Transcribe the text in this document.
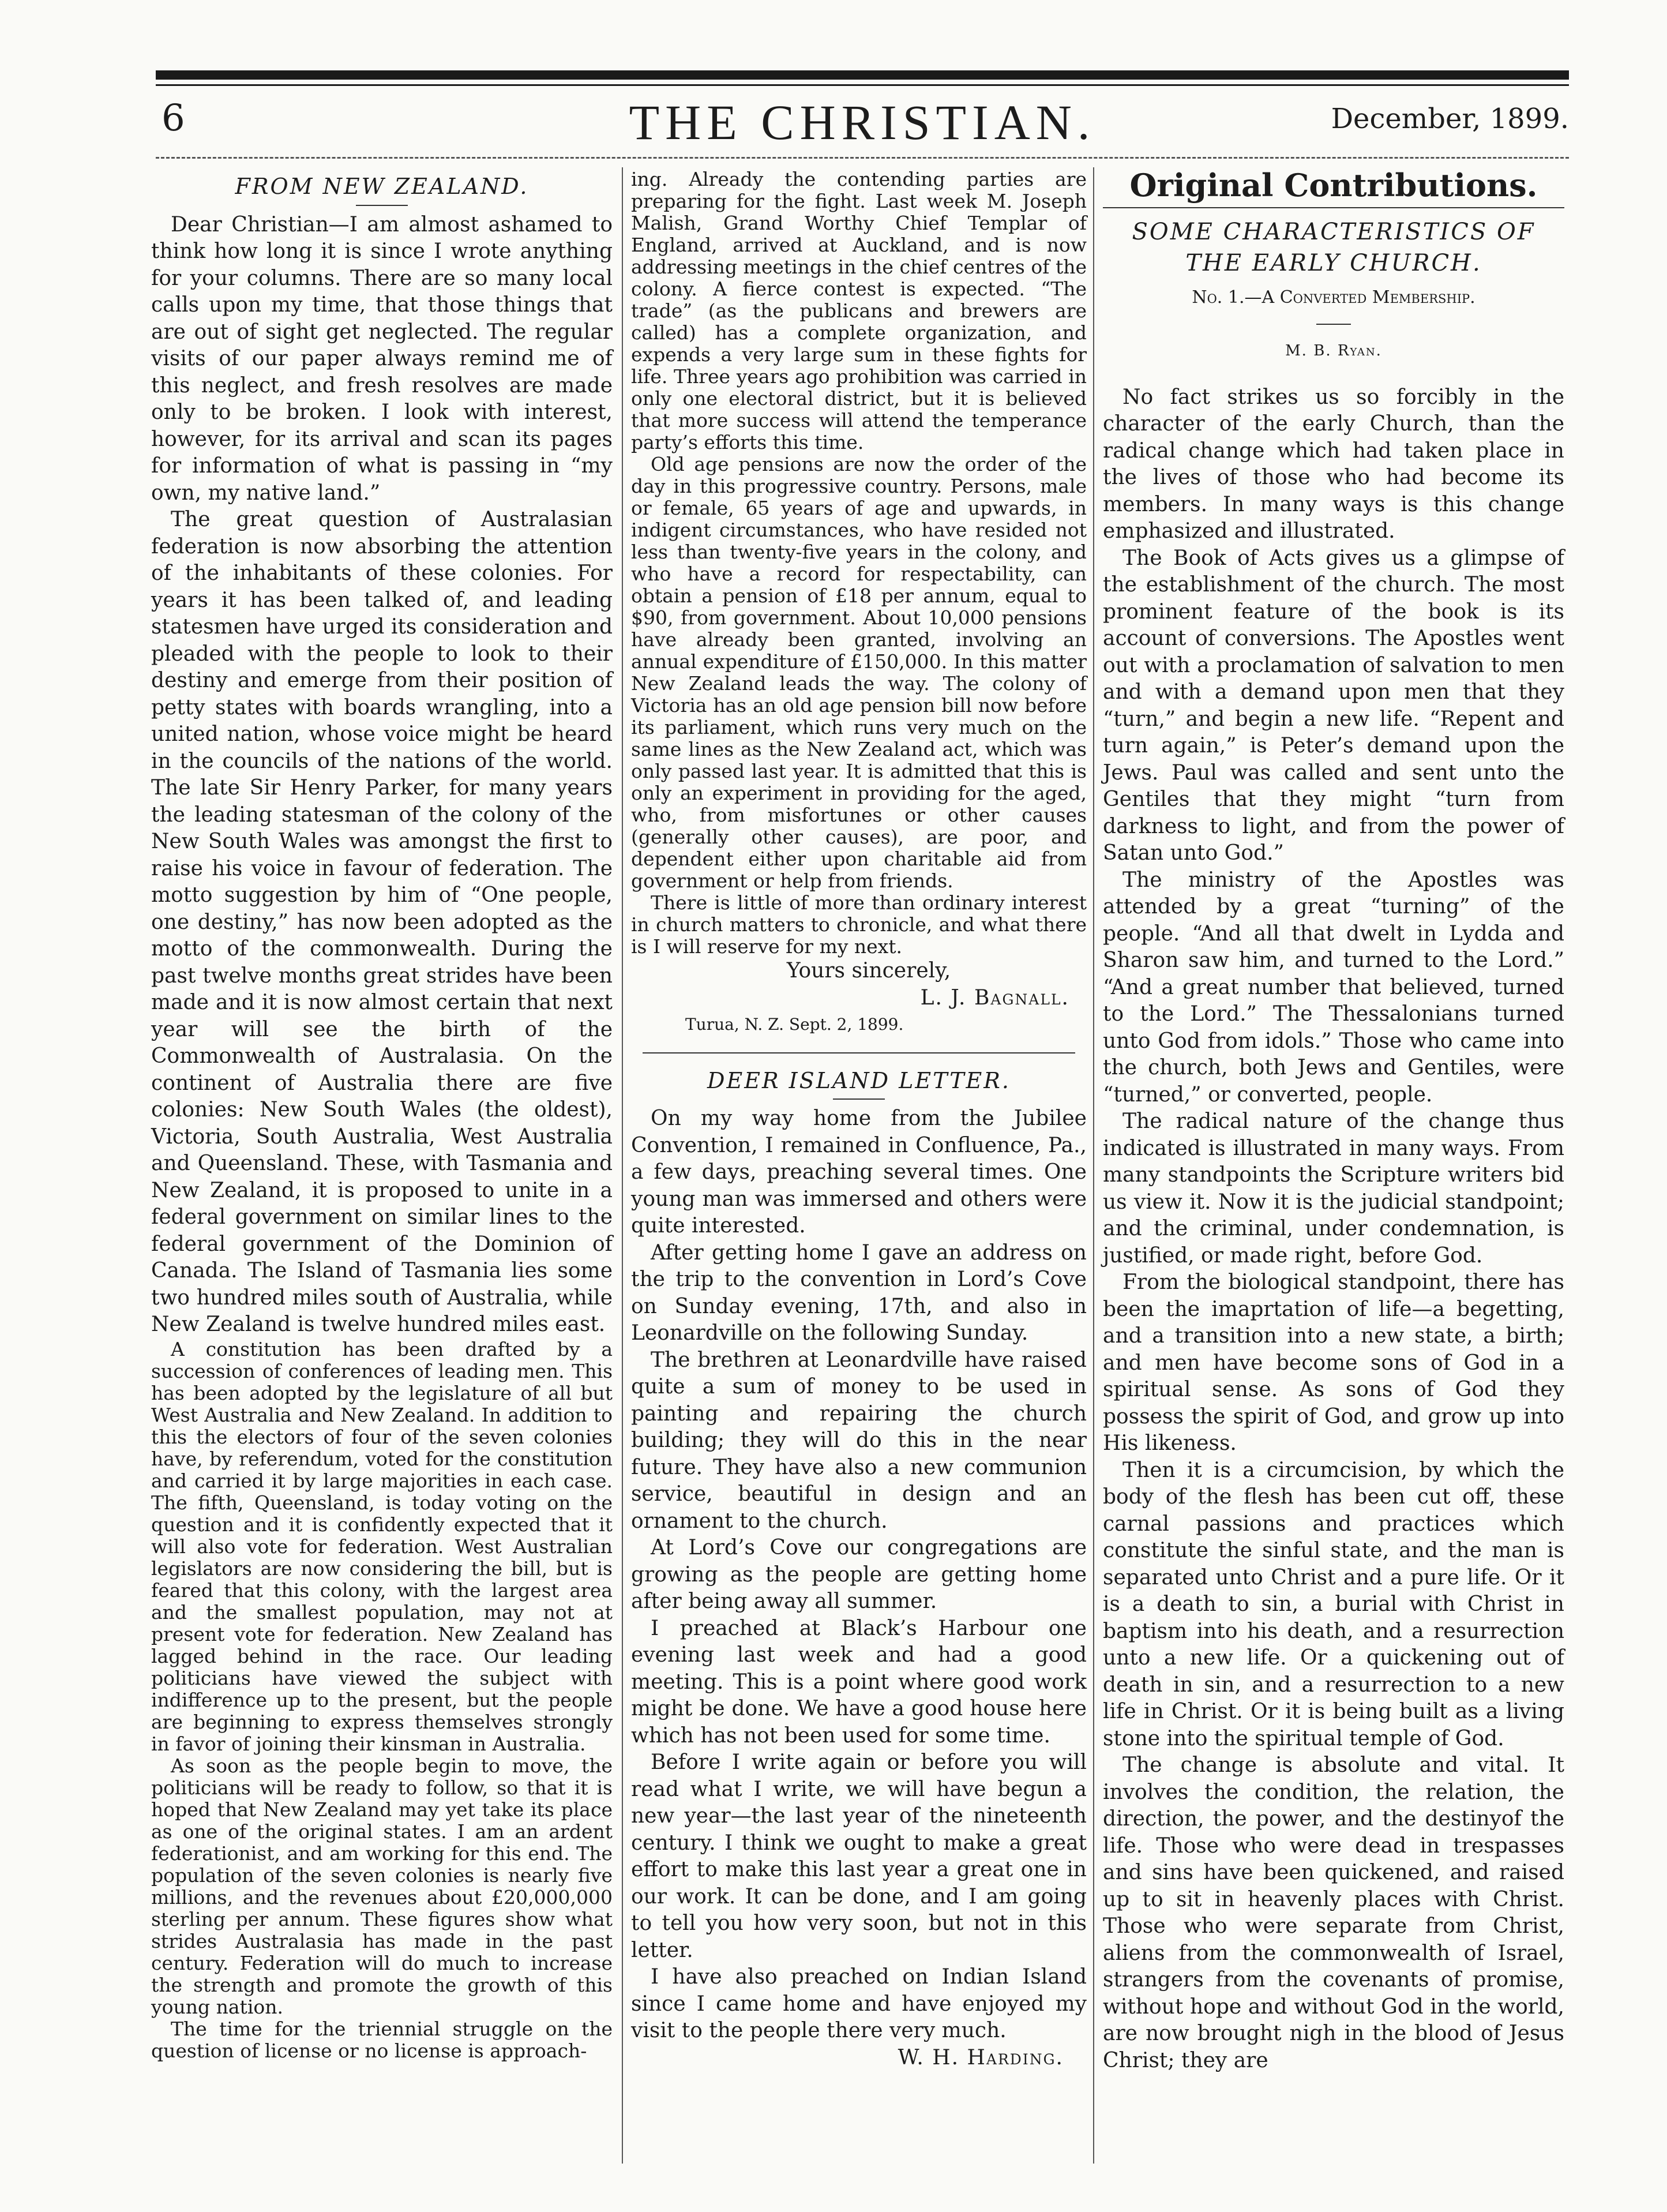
6	THE CHRISTIAN.	December, 1899.
FROM NEW ZEALAND.

Dear Christian—I am almost ashamed to think how long it is since I wrote anything for your columns. There are so many local calls upon my time, that those things that are out of sight get neglected. The regular visits of our paper always remind me of this neglect, and fresh resolves are made only to be broken. I look with interest, however, for its arrival and scan its pages for information of what is passing in “my own, my native land.”

The great question of Australasian federation is now absorbing the attention of the inhabitants of these colonies. For years it has been talked of, and leading statesmen have urged its consideration and pleaded with the people to look to their destiny and emerge from their position of petty states with boards wrangling, into a united nation, whose voice might be heard in the councils of the nations of the world. The late Sir Henry Parker, for many years the leading statesman of the colony of the New South Wales was amongst the first to raise his voice in favour of federation. The motto suggestion by him of “One people, one destiny,” has now been adopted as the motto of the commonwealth. During the past twelve months great strides have been made and it is now almost certain that next year will see the birth of the Commonwealth of Australasia. On the continent of Australia there are five colonies: New South Wales (the oldest), Victoria, South Australia, West Australia and Queensland. These, with Tasmania and New Zealand, it is proposed to unite in a federal government on similar lines to the federal government of the Dominion of Canada. The Island of Tasmania lies some two hundred miles south of Australia, while New Zealand is twelve hundred miles east.

A constitution has been drafted by a succession of conferences of leading men. This has been adopted by the legislature of all but West Australia and New Zealand. In addition to this the electors of four of the seven colonies have, by referendum, voted for the constitution and carried it by large majorities in each case. The fifth, Queensland, is today voting on the question and it is confidently expected that it will also vote for federation. West Australian legislators are now considering the bill, but is feared that this colony, with the largest area and the smallest population, may not at present vote for federation. New Zealand has lagged behind in the race. Our leading politicians have viewed the subject with indifference up to the present, but the people are beginning to express themselves strongly in favor of joining their kinsman in Australia.

As soon as the people begin to move, the politicians will be ready to follow, so that it is hoped that New Zealand may yet take its place as one of the original states. I am an ardent federationist, and am working for this end. The population of the seven colonies is nearly five millions, and the revenues about £20,000,000 sterling per annum. These figures show what strides Australasia has made in the past century. Federation will do much to increase the strength and promote the growth of this young nation.

The time for the triennial struggle on the question of license or no license is approach-

ing. Already the contending parties are preparing for the fight. Last week M. Joseph Malish, Grand Worthy Chief Templar of England, arrived at Auckland, and is now addressing meetings in the chief centres of the colony. A fierce contest is expected. “The trade” (as the publicans and brewers are called) has a complete organization, and expends a very large sum in these fights for life. Three years ago prohibition was carried in only one electoral district, but it is believed that more success will attend the temperance party’s efforts this time.

Old age pensions are now the order of the day in this progressive country. Persons, male or female, 65 years of age and upwards, in indigent circumstances, who have resided not less than twenty-five years in the colony, and who have a record for respectability, can obtain a pension of £18 per annum, equal to $90, from government. About 10,000 pensions have already been granted, involving an annual expenditure of £150,000. In this matter New Zealand leads the way. The colony of Victoria has an old age pension bill now before its parliament, which runs very much on the same lines as the New Zealand act, which was only passed last year. It is admitted that this is only an experiment in providing for the aged, who, from misfortunes or other causes (generally other causes), are poor, and dependent either upon charitable aid from government or help from friends.

There is little of more than ordinary interest in church matters to chronicle, and what there is I will reserve for my next.

Yours sincerely,

L. J. Bagnall.

Turua, N. Z. Sept. 2, 1899.

DEER ISLAND LETTER.

On my way home from the Jubilee Convention, I remained in Confluence, Pa., a few days, preaching several times. One young man was immersed and others were quite interested.

After getting home I gave an address on the trip to the convention in Lord’s Cove on Sunday evening, 17th, and also in Leonardville on the following Sunday.

The brethren at Leonardville have raised quite a sum of money to be used in painting and repairing the church building; they will do this in the near future. They have also a new communion service, beautiful in design and an ornament to the church.

At Lord’s Cove our congregations are growing as the people are getting home after being away all summer.

I preached at Black’s Harbour one evening last week and had a good meeting. This is a point where good work might be done. We have a good house here which has not been used for some time.

Before I write again or before you will read what I write, we will have begun a new year—the last year of the nineteenth century. I think we ought to make a great effort to make this last year a great one in our work. It can be done, and I am going to tell you how very soon, but not in this letter.

I have also preached on Indian Island since I came home and have enjoyed my visit to the people there very much.

W. H. Harding.

Original Contributions.
SOME CHARACTERISTICS OF THE EARLY CHURCH.
No. 1.—A Converted Membership.
M. B. Ryan.

No fact strikes us so forcibly in the character of the early Church, than the radical change which had taken place in the lives of those who had become its members. In many ways is this change emphasized and illustrated.

The Book of Acts gives us a glimpse of the establishment of the church. The most prominent feature of the book is its account of conversions. The Apostles went out with a proclamation of salvation to men and with a demand upon men that they “turn,” and begin a new life. “Repent and turn again,” is Peter’s demand upon the Jews. Paul was called and sent unto the Gentiles that they might “turn from darkness to light, and from the power of Satan unto God.”

The ministry of the Apostles was attended by a great “turning” of the people. “And all that dwelt in Lydda and Sharon saw him, and turned to the Lord.” “And a great number that believed, turned to the Lord.” The Thessalonians turned unto God from idols.” Those who came into the church, both Jews and Gentiles, were “turned,” or converted, people.

The radical nature of the change thus indicated is illustrated in many ways. From many standpoints the Scripture writers bid us view it. Now it is the judicial standpoint; and the criminal, under condemnation, is justified, or made right, before God.

From the biological standpoint, there has been the imaprtation of life—a begetting, and a transition into a new state, a birth; and men have become sons of God in a spiritual sense. As sons of God they possess the spirit of God, and grow up into His likeness.

Then it is a circumcision, by which the body of the flesh has been cut off, these carnal passions and practices which constitute the sinful state, and the man is separated unto Christ and a pure life. Or it is a death to sin, a burial with Christ in baptism into his death, and a resurrection unto a new life. Or a quickening out of death in sin, and a resurrection to a new life in Christ. Or it is being built as a living stone into the spiritual temple of God.

The change is absolute and vital. It involves the condition, the relation, the direction, the power, and the destinyof the life. Those who were dead in trespasses and sins have been quickened, and raised up to sit in heavenly places with Christ. Those who were separate from Christ, aliens from the commonwealth of Israel, strangers from the covenants of promise, without hope and without God in the world, are now brought nigh in the blood of Jesus Christ; they are
